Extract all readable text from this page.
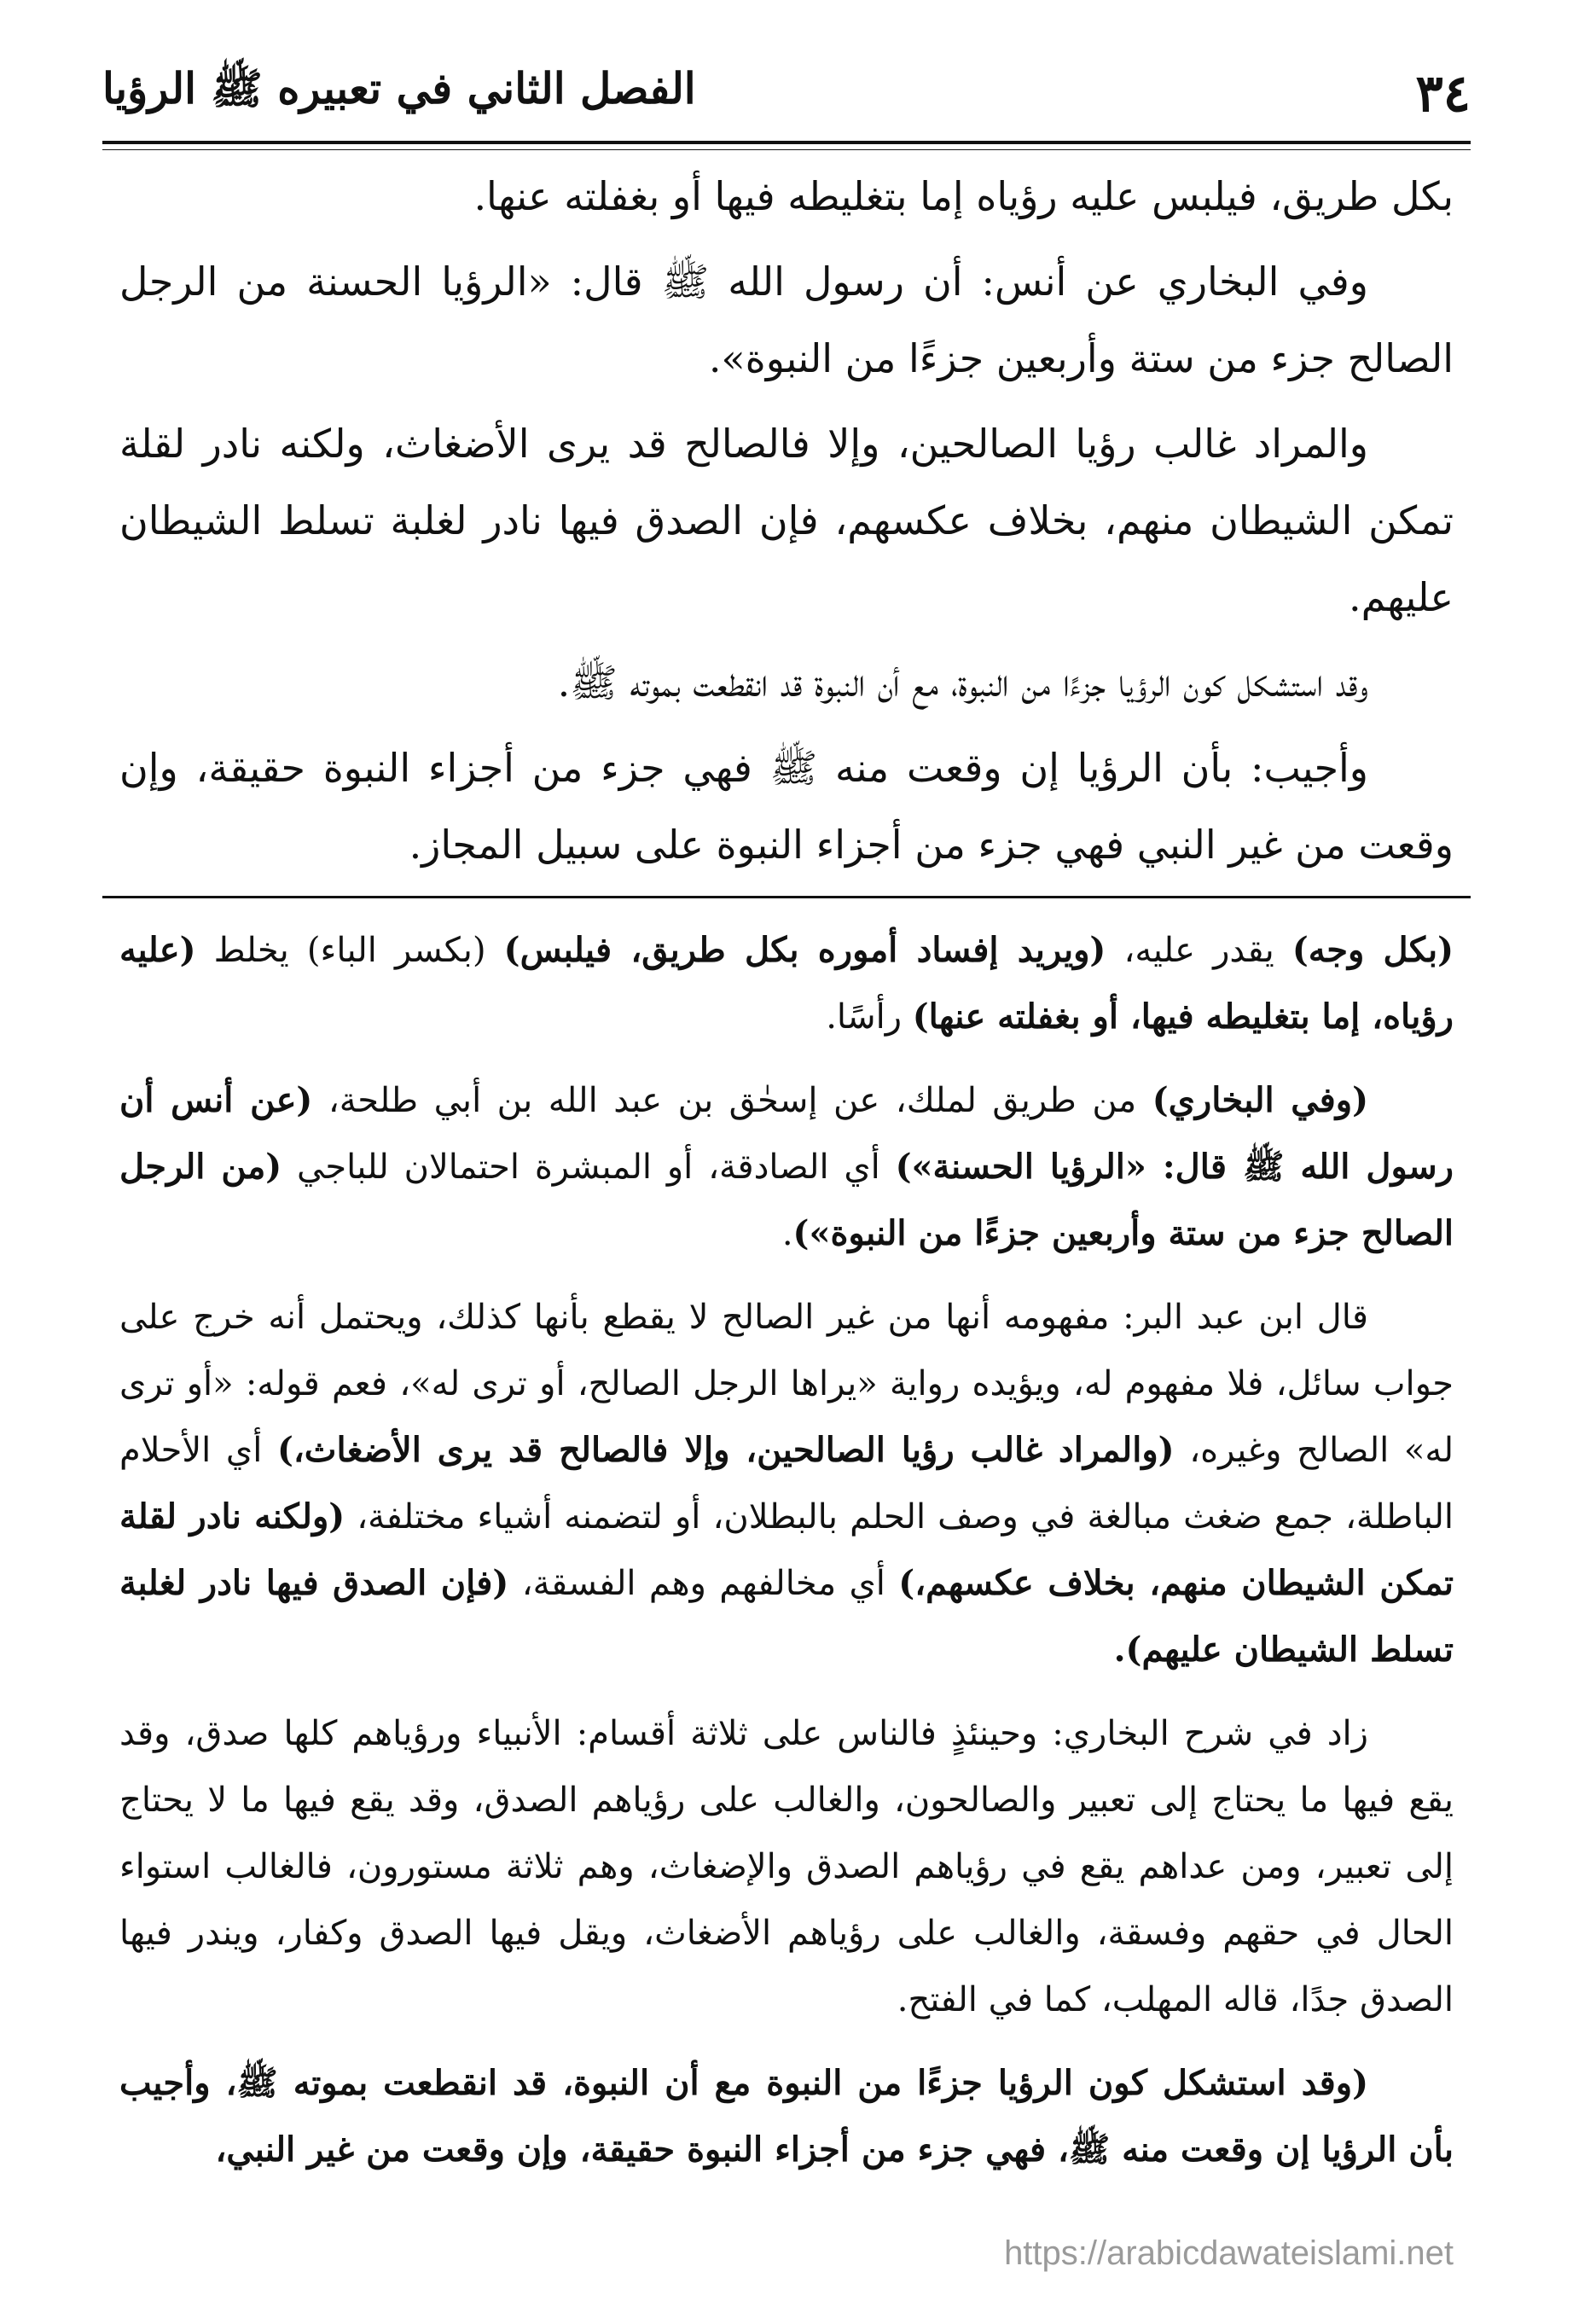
٣٤
الفصل الثاني في تعبيره ﷺ الرؤيا

بكل طريق، فيلبس عليه رؤياه إما بتغليطه فيها أو بغفلته عنها.

وفي البخاري عن أنس: أن رسول الله ﷺ قال: «الرؤيا الحسنة من الرجل الصالح جزء من ستة وأربعين جزءًا من النبوة».

والمراد غالب رؤيا الصالحين، وإلا فالصالح قد يرى الأضغاث، ولكنه نادر لقلة تمكن الشيطان منهم، بخلاف عكسهم، فإن الصدق فيها نادر لغلبة تسلط الشيطان عليهم.

وقد استشكل كون الرؤيا جزءًا من النبوة، مع أن النبوة قد انقطعت بموته ﷺ.

وأجيب: بأن الرؤيا إن وقعت منه ﷺ فهي جزء من أجزاء النبوة حقيقة، وإن وقعت من غير النبي فهي جزء من أجزاء النبوة على سبيل المجاز.

(بكل وجه) يقدر عليه، (ويريد إفساد أموره بكل طريق، فيلبس) (بكسر الباء) يخلط (عليه رؤياه، إما بتغليطه فيها، أو بغفلته عنها) رأسًا.

(وفي البخاري) من طريق لملك، عن إسحٰق بن عبد الله بن أبي طلحة، (عن أنس أن رسول الله ﷺ قال: «الرؤيا الحسنة») أي الصادقة، أو المبشرة احتمالان للباجي (من الرجل الصالح جزء من ستة وأربعين جزءًا من النبوة»).

قال ابن عبد البر: مفهومه أنها من غير الصالح لا يقطع بأنها كذلك، ويحتمل أنه خرج على جواب سائل، فلا مفهوم له، ويؤيده رواية «يراها الرجل الصالح، أو ترى له»، فعم قوله: «أو ترى له» الصالح وغيره، (والمراد غالب رؤيا الصالحين، وإلا فالصالح قد يرى الأضغاث،) أي الأحلام الباطلة، جمع ضغث مبالغة في وصف الحلم بالبطلان، أو لتضمنه أشياء مختلفة، (ولكنه نادر لقلة تمكن الشيطان منهم، بخلاف عكسهم،) أي مخالفهم وهم الفسقة، (فإن الصدق فيها نادر لغلبة تسلط الشيطان عليهم).

زاد في شرح البخاري: وحينئذٍ فالناس على ثلاثة أقسام: الأنبياء ورؤياهم كلها صدق، وقد يقع فيها ما يحتاج إلى تعبير والصالحون، والغالب على رؤياهم الصدق، وقد يقع فيها ما لا يحتاج إلى تعبير، ومن عداهم يقع في رؤياهم الصدق والإضغاث، وهم ثلاثة مستورون، فالغالب استواء الحال في حقهم وفسقة، والغالب على رؤياهم الأضغاث، ويقل فيها الصدق وكفار، ويندر فيها الصدق جدًا، قاله المهلب، كما في الفتح.

(وقد استشكل كون الرؤيا جزءًا من النبوة مع أن النبوة، قد انقطعت بموته ﷺ، وأجيب بأن الرؤيا إن وقعت منه ﷺ، فهي جزء من أجزاء النبوة حقيقة، وإن وقعت من غير النبي،

https://arabicdawateislami.net
